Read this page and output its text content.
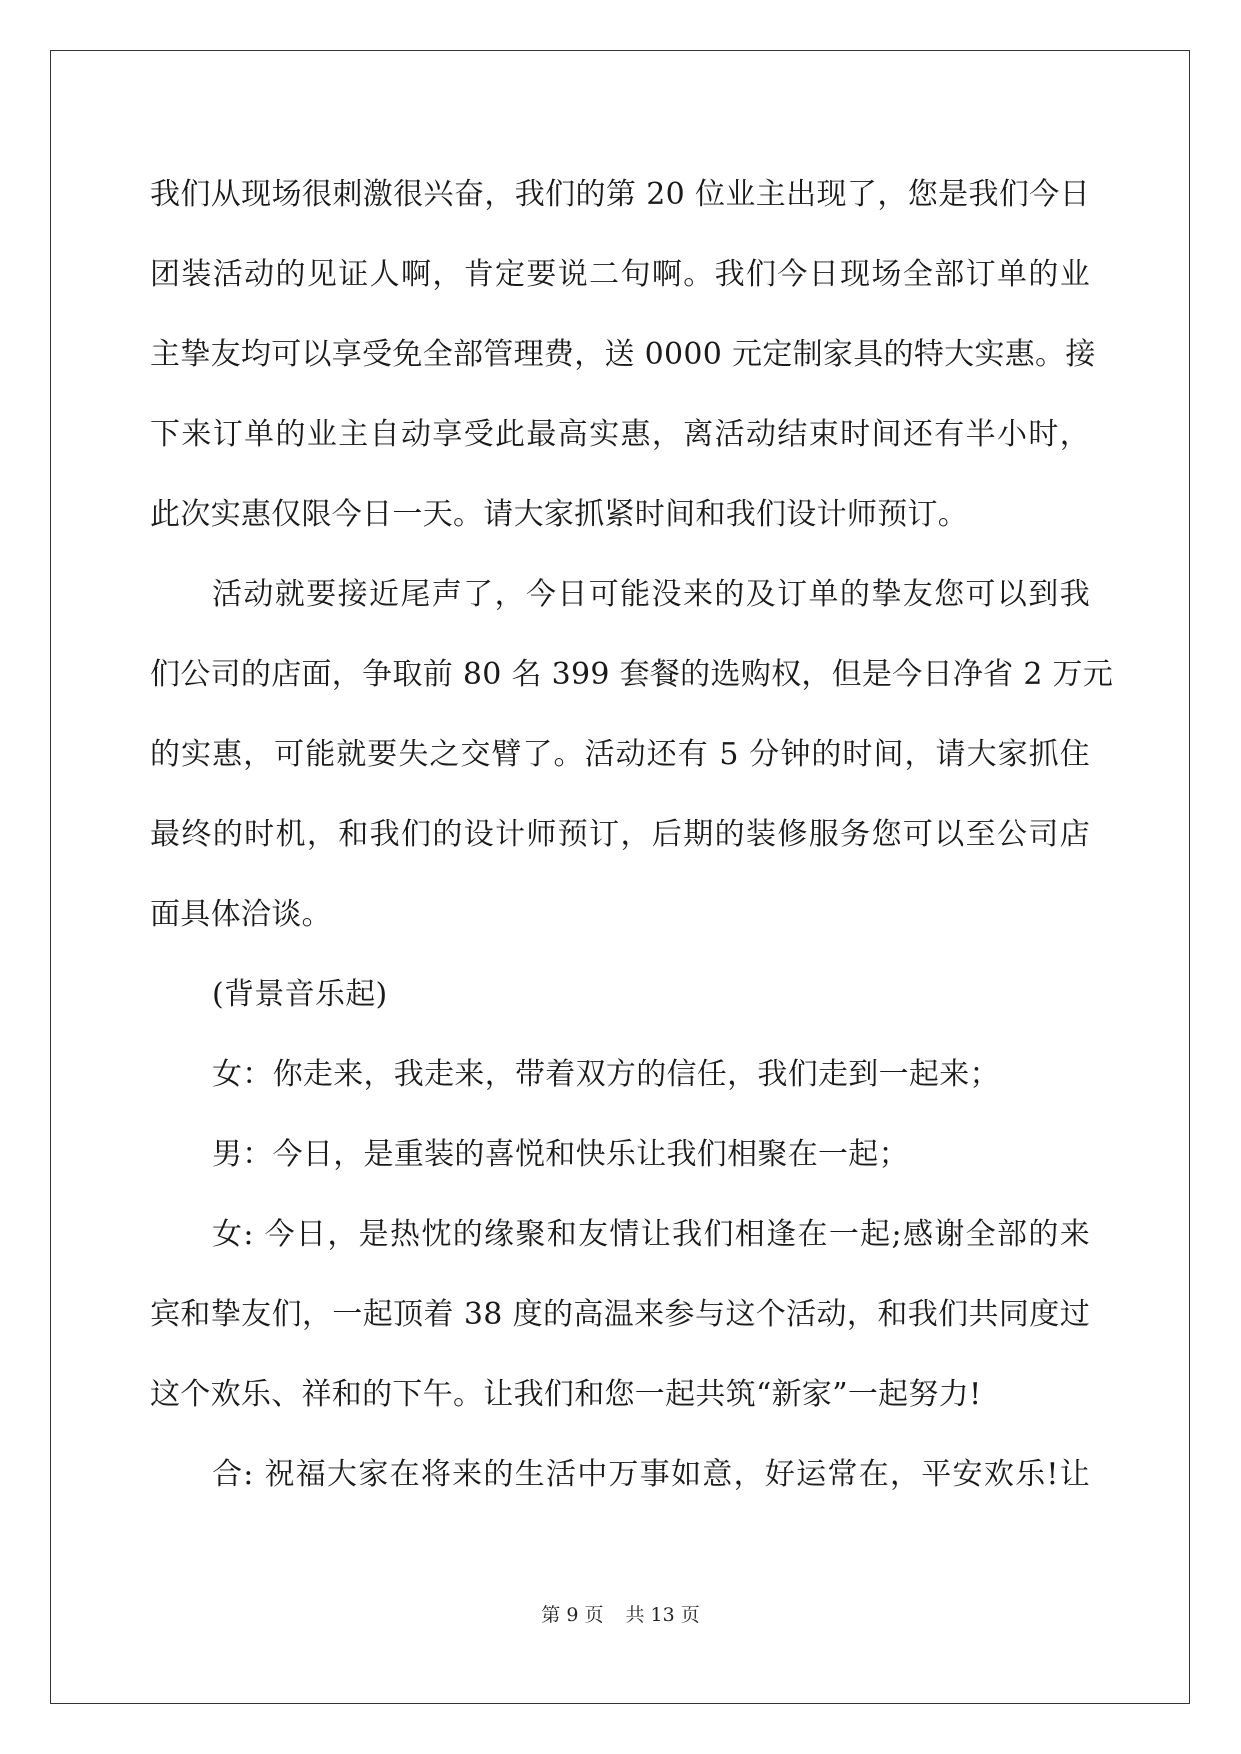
我们从现场很刺激很兴奋，我们的第 20 位业主出现了，您是我们今日
团装活动的见证人啊，肯定要说二句啊。我们今日现场全部订单的业
主挚友均可以享受免全部管理费，送 0000 元定制家具的特大实惠。接
下来订单的业主自动享受此最高实惠，离活动结束时间还有半小时，
此次实惠仅限今日一天。请大家抓紧时间和我们设计师预订。
活动就要接近尾声了，今日可能没来的及订单的挚友您可以到我
们公司的店面，争取前 80 名 399 套餐的选购权，但是今日净省 2 万元
的实惠，可能就要失之交臂了。活动还有 5 分钟的时间，请大家抓住
最终的时机，和我们的设计师预订，后期的装修服务您可以至公司店
面具体洽谈。
(背景音乐起)
女：你走来，我走来，带着双方的信任，我们走到一起来；
男：今日，是重装的喜悦和快乐让我们相聚在一起；
女: 今日，是热忱的缘聚和友情让我们相逢在一起;感谢全部的来
宾和挚友们，一起顶着 38 度的高温来参与这个活动，和我们共同度过
这个欢乐、祥和的下午。让我们和您一起共筑“新家”一起努力!
合: 祝福大家在将来的生活中万事如意，好运常在，平安欢乐!让
第 9 页 共 13 页
